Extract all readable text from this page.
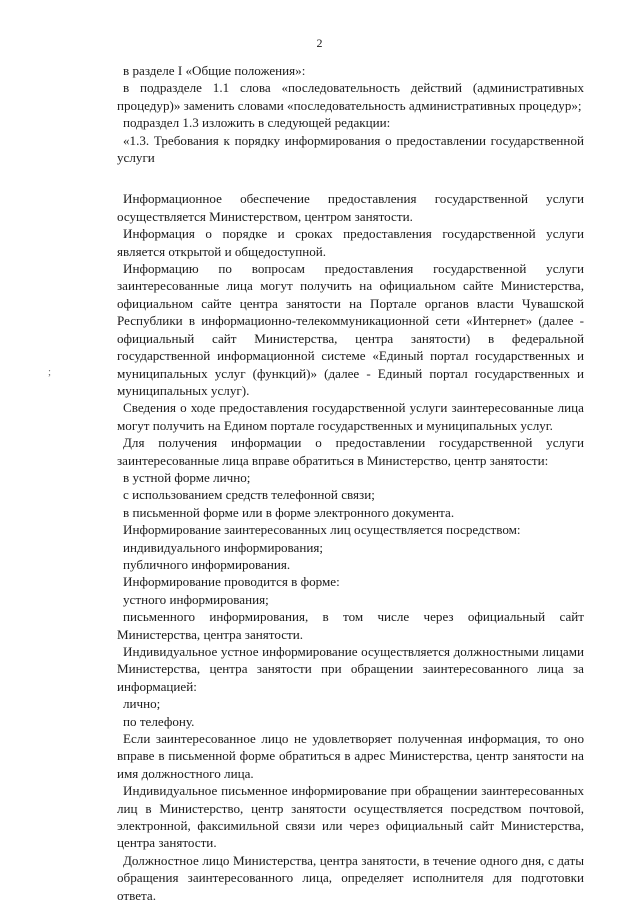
2
;

в разделе I «Общие положения»:

в подразделе 1.1 слова «последовательность действий (административных процедур)» заменить словами «последовательность административных процедур»;

подраздел 1.3 изложить в следующей редакции:

«1.3. Требования к порядку информирования о предоставлении государственной услуги

Информационное обеспечение предоставления государственной услуги осуществляется Министерством, центром занятости.

Информация о порядке и сроках предоставления государственной услуги является открытой и общедоступной.

Информацию по вопросам предоставления государственной услуги заинтересованные лица могут получить на официальном сайте Министерства, официальном сайте центра занятости на Портале органов власти Чувашской Республики в информационно-телекоммуникационной сети «Интернет» (далее - официальный сайт Министерства, центра занятости) в федеральной государственной информационной системе «Единый портал государственных и муниципальных услуг (функций)» (далее - Единый портал государственных и муниципальных услуг).

Сведения о ходе предоставления государственной услуги заинтересованные лица могут получить на Едином портале государственных и муниципальных услуг.

Для получения информации о предоставлении государственной услуги заинтересованные лица вправе обратиться в Министерство, центр занятости:

в устной форме лично;

с использованием средств телефонной связи;

в письменной форме или в форме электронного документа.

Информирование заинтересованных лиц осуществляется посредством:

индивидуального информирования;

публичного информирования.

Информирование проводится в форме:

устного информирования;

письменного информирования, в том числе через официальный сайт Министерства, центра занятости.

Индивидуальное устное информирование осуществляется должностными лицами Министерства, центра занятости при обращении заинтересованного лица за информацией:

лично;

по телефону.

Если заинтересованное лицо не удовлетворяет полученная информация, то оно вправе в письменной форме обратиться в адрес Министерства, центр занятости на имя должностного лица.

Индивидуальное письменное информирование при обращении заинтересованных лиц в Министерство, центр занятости осуществляется посредством почтовой, электронной, факсимильной связи или через официальный сайт Министерства, центра занятости.

Должностное лицо Министерства, центра занятости, в течение одного дня, с даты обращения заинтересованного лица, определяет исполнителя для подготовки ответа.
